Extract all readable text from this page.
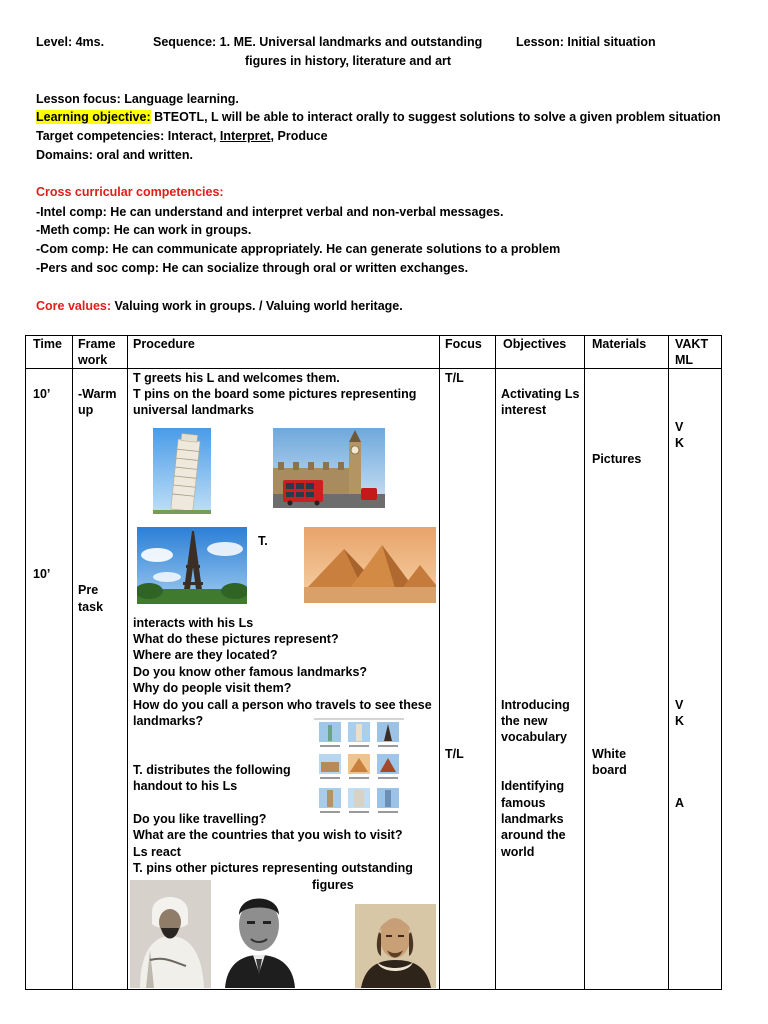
Level: 4ms.	Sequence: 1. ME. Universal landmarks and outstanding
figures in history, literature and art
Lesson: Initial situation
Lesson focus: Language learning.
Learning objective: BTEOTL, L will be able to interact orally to suggest solutions to solve a given problem situation
Target competencies: Interact, Interpret, Produce
Domains: oral and written.
Cross curricular competencies:
-Intel comp: He can understand and interpret verbal and non-verbal messages.
-Meth comp: He can work in groups.
-Com comp: He can communicate appropriately. He can generate solutions to a problem
-Pers and soc comp: He can socialize through oral or written exchanges.
Core values: Valuing work in groups. / Valuing world heritage.
Time Frame
work
Procedure	Focus Objectives Materials VAKT
ML
10’
10’
-Warm
up
Pre
task
T greets his L and welcomes them.
T pins on the board some pictures representing
universal landmarks
T.
interacts with his Ls
What do these pictures represent?
Where are they located?
Do you know other famous landmarks?
Why do people visit them?
How do you call a person who travels to see these
landmarks?
T. distributes the following
handout to his Ls
Do you like travelling?
What are the countries that you wish to visit?
Ls react
T. pins other pictures representing outstanding
figures
T/L
T/L
Activating Ls
interest
Introducing
the new
vocabulary
Identifying
famous
landmarks
around the
world
Pictures
White
board
V
K
V
K
A
